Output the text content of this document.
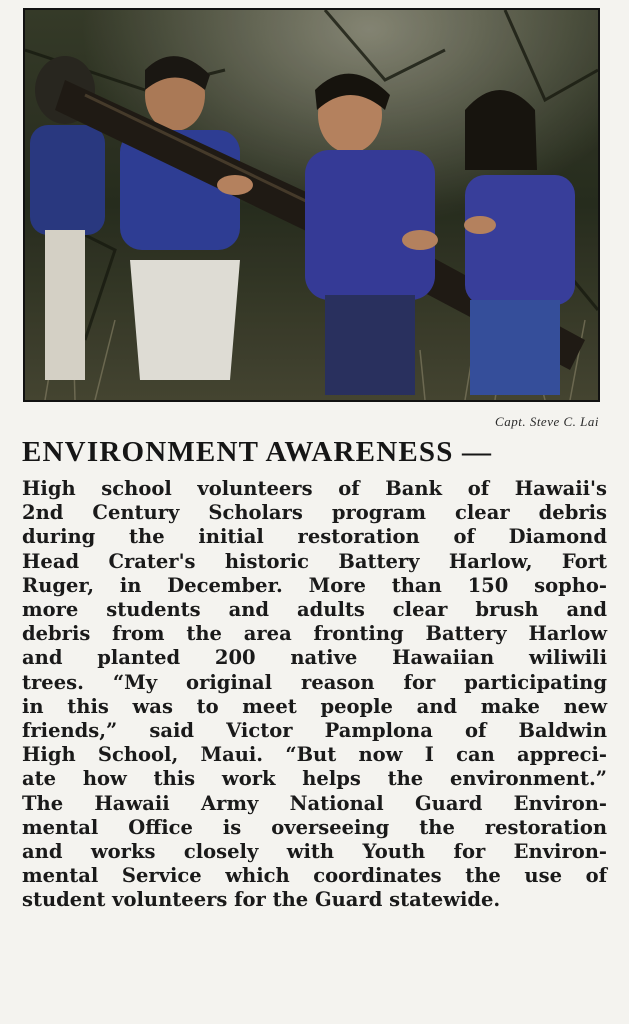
Capt. Steve C. Lai
ENVIRONMENT AWARENESS —
High school volunteers of Bank of Hawaii's
2nd Century Scholars program clear debris
during the initial restoration of Diamond
Head Crater's historic Battery Harlow, Fort
Ruger, in December. More than 150 sopho-
more students and adults clear brush and
debris from the area fronting Battery Harlow
and planted 200 native Hawaiian wiliwili
trees. “My original reason for participating
in this was to meet people and make new
friends,” said Victor Pamplona of Baldwin
High School, Maui. “But now I can appreci-
ate how this work helps the environment.”
The Hawaii Army National Guard Environ-
mental Office is overseeing the restoration
and works closely with Youth for Environ-
mental Service which coordinates the use of
student volunteers for the Guard statewide.
